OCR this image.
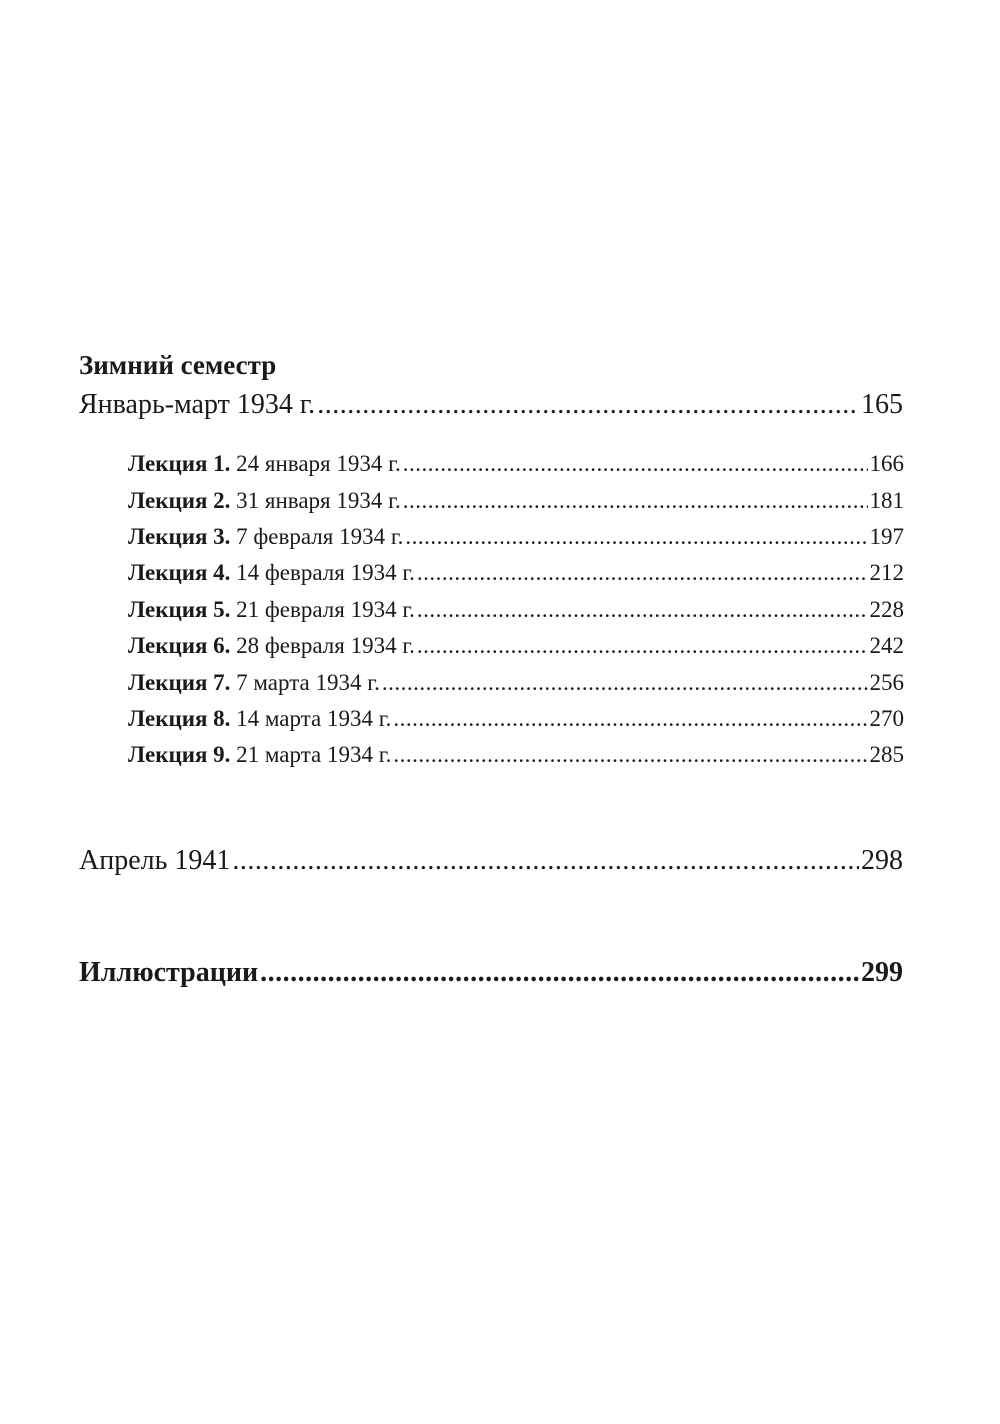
Зимний семестр
Январь-март 1934 г. .....	165
Лекция 1. 24 января 1934 г. .....	166
Лекция 2. 31 января 1934 г. .....	181
Лекция 3. 7 февраля 1934 г. .....	197
Лекция 4. 14 февраля 1934 г. .....	212
Лекция 5. 21 февраля 1934 г. .....	228
Лекция 6. 28 февраля 1934 г. .....	242
Лекция 7. 7 марта 1934 г. .....	256
Лекция 8. 14 марта 1934 г. .....	270
Лекция 9. 21 марта 1934 г. .....	285
Апрель 1941 .....	298
Иллюстрации .....	299
